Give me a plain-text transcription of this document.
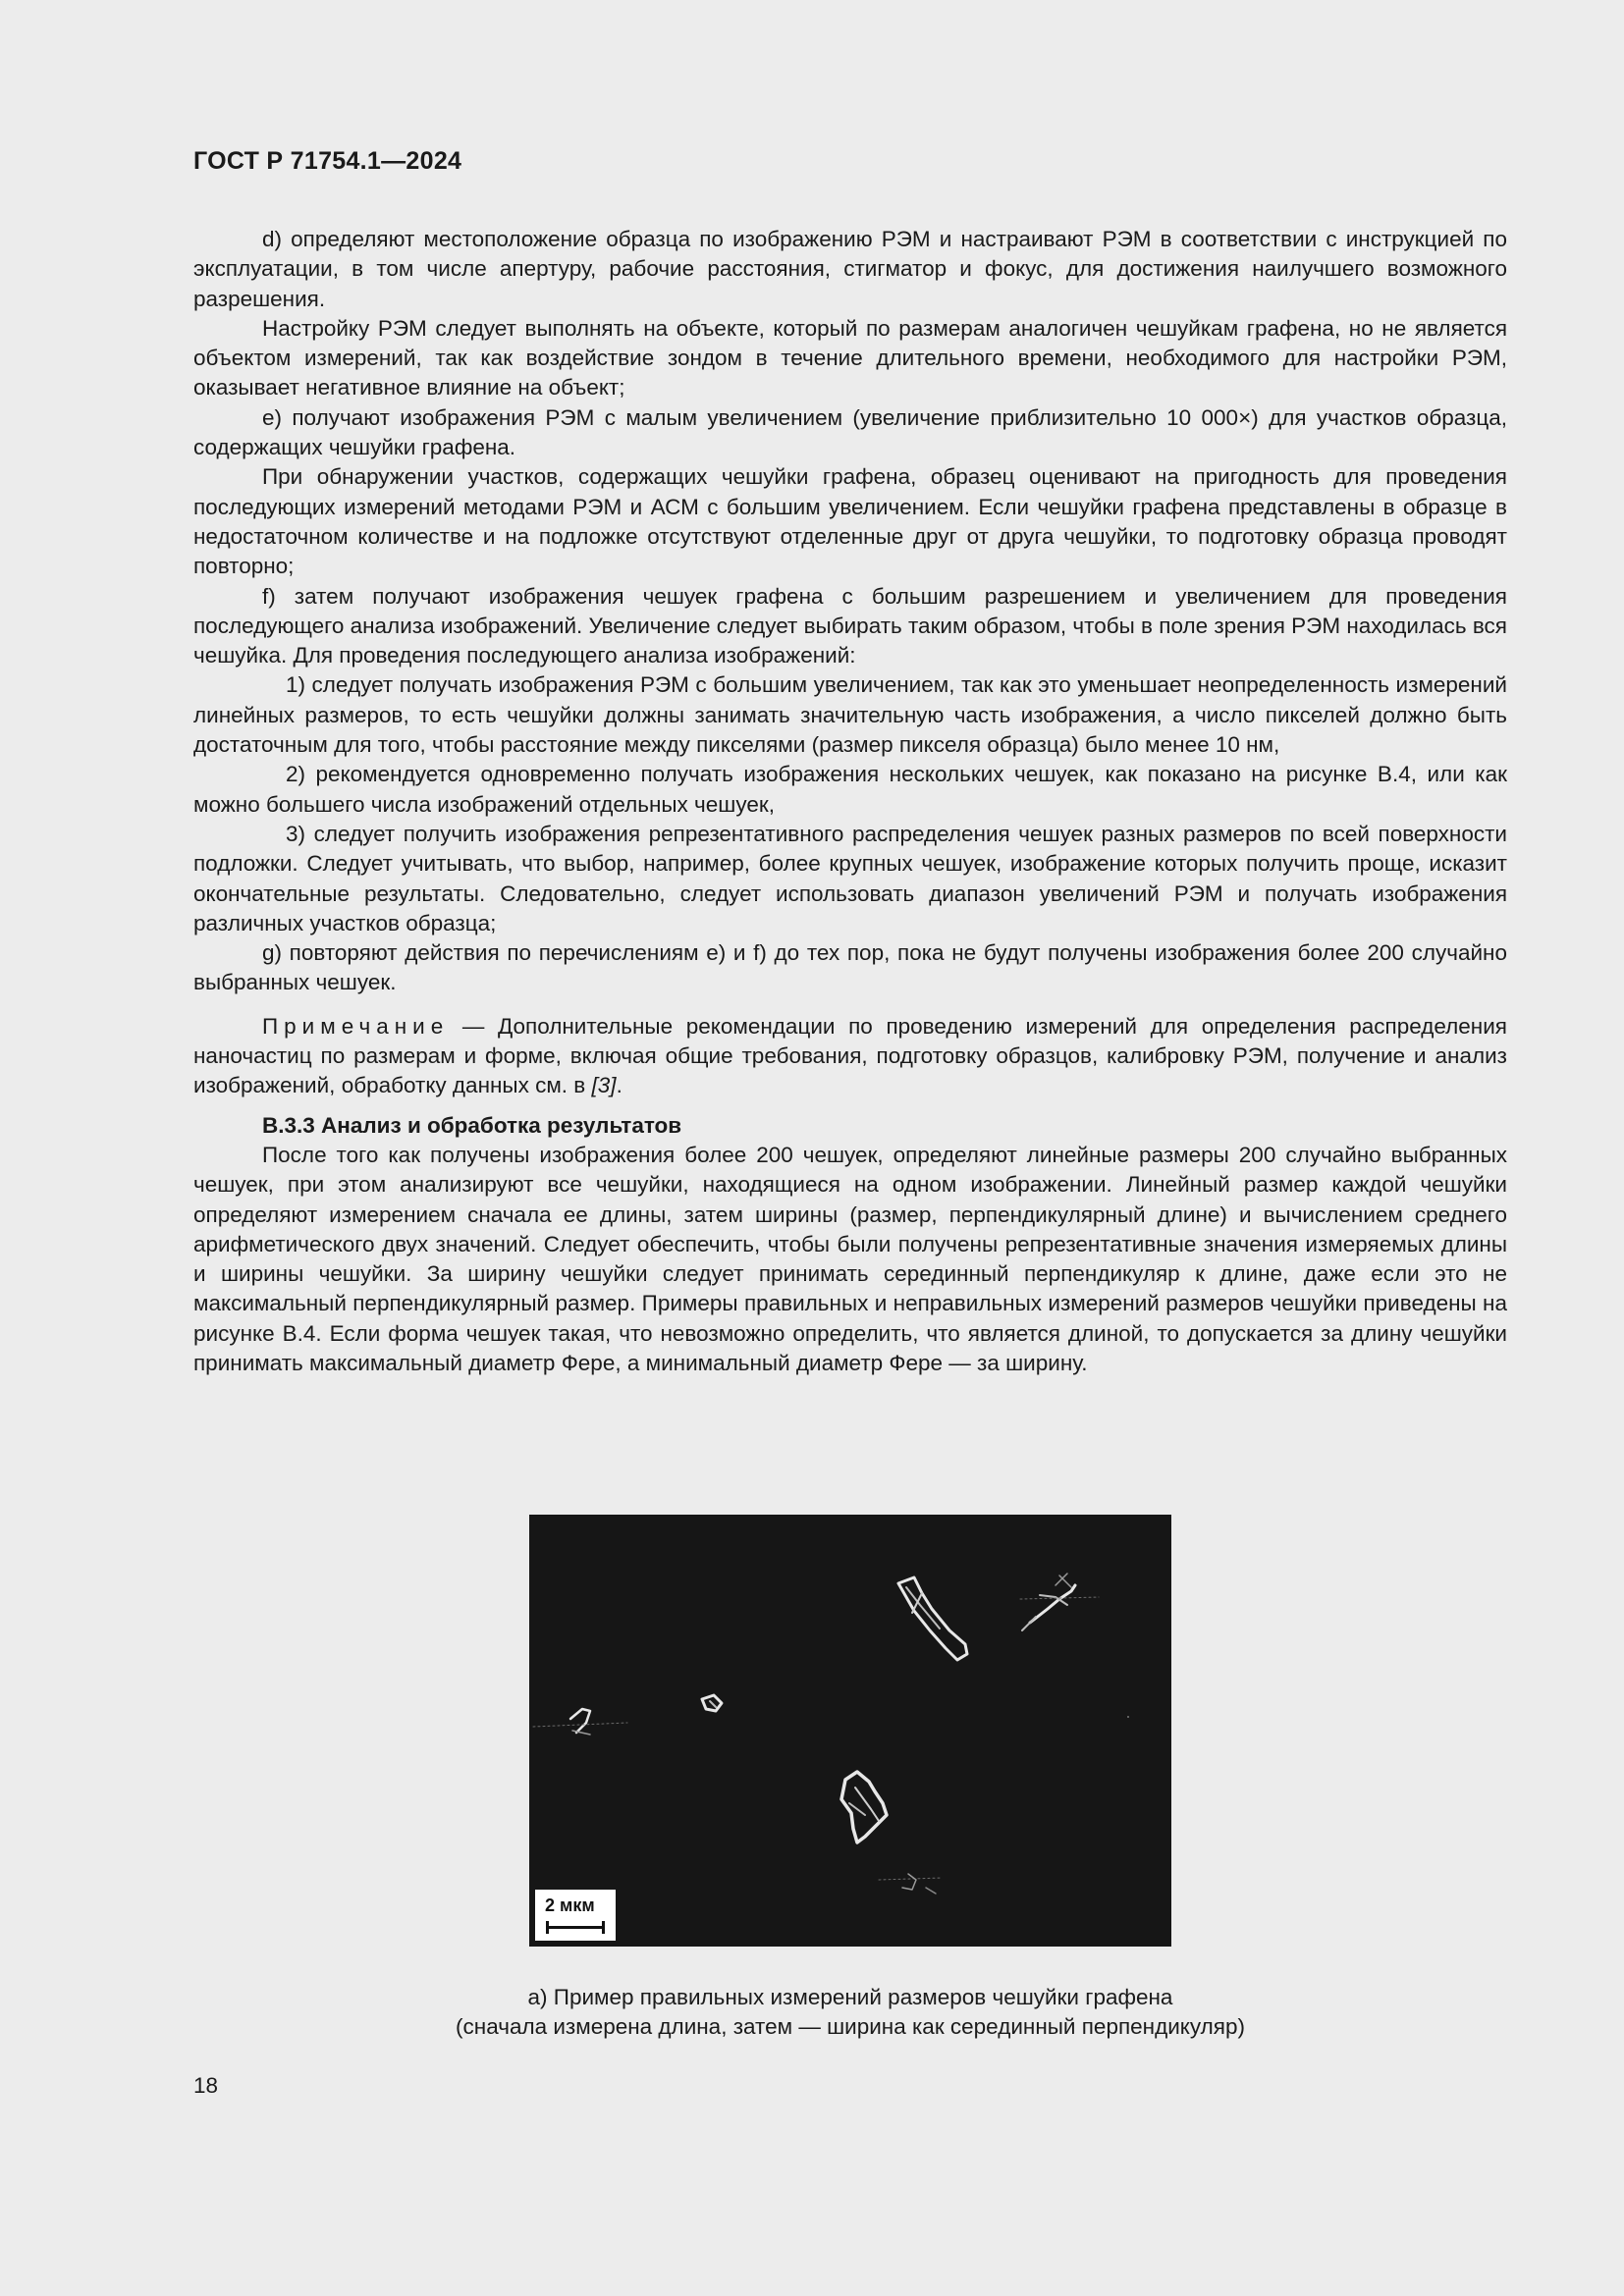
ГОСТ Р 71754.1—2024

d) определяют местоположение образца по изображению РЭМ и настраивают РЭМ в соответствии с инструкцией по эксплуатации, в том числе апертуру, рабочие расстояния, стигматор и фокус, для достижения наилучшего возможного разрешения.

Настройку РЭМ следует выполнять на объекте, который по размерам аналогичен чешуйкам графена, но не является объектом измерений, так как воздействие зондом в течение длительного времени, необходимого для настройки РЭМ, оказывает негативное влияние на объект;

е) получают изображения РЭМ с малым увеличением (увеличение приблизительно 10 000×) для участков образца, содержащих чешуйки графена.

При обнаружении участков, содержащих чешуйки графена, образец оценивают на пригодность для проведения последующих измерений методами РЭМ и АСМ с большим увеличением. Если чешуйки графена представлены в образце в недостаточном количестве и на подложке отсутствуют отделенные друг от друга чешуйки, то подготовку образца проводят повторно;

f) затем получают изображения чешуек графена с большим разрешением и увеличением для проведения последующего анализа изображений. Увеличение следует выбирать таким образом, чтобы в поле зрения РЭМ находилась вся чешуйка. Для проведения последующего анализа изображений:

1) следует получать изображения РЭМ с большим увеличением, так как это уменьшает неопределенность измерений линейных размеров, то есть чешуйки должны занимать значительную часть изображения, а число пикселей должно быть достаточным для того, чтобы расстояние между пикселями (размер пикселя образца) было менее 10 нм,

2) рекомендуется одновременно получать изображения нескольких чешуек, как показано на рисунке В.4, или как можно большего числа изображений отдельных чешуек,

3) следует получить изображения репрезентативного распределения чешуек разных размеров по всей поверхности подложки. Следует учитывать, что выбор, например, более крупных чешуек, изображение которых получить проще, исказит окончательные результаты. Следовательно, следует использовать диапазон увеличений РЭМ и получать изображения различных участков образца;

g) повторяют действия по перечислениям е) и f) до тех пор, пока не будут получены изображения более 200 случайно выбранных чешуек.

Примечание — Дополнительные рекомендации по проведению измерений для определения распределения наночастиц по размерам и форме, включая общие требования, подготовку образцов, калибровку РЭМ, получение и анализ изображений, обработку данных см. в [3].

В.3.3 Анализ и обработка результатов

После того как получены изображения более 200 чешуек, определяют линейные размеры 200 случайно выбранных чешуек, при этом анализируют все чешуйки, находящиеся на одном изображении. Линейный размер каждой чешуйки определяют измерением сначала ее длины, затем ширины (размер, перпендикулярный длине) и вычислением среднего арифметического двух значений. Следует обеспечить, чтобы были получены репрезентативные значения измеряемых длины и ширины чешуйки. За ширину чешуйки следует принимать серединный перпендикуляр к длине, даже если это не максимальный перпендикулярный размер. Примеры правильных и неправильных измерений размеров чешуйки приведены на рисунке В.4. Если форма чешуек такая, что невозможно определить, что является длиной, то допускается за длину чешуйки принимать максимальный диаметр Фере, а минимальный диаметр Фере — за ширину.

2 мкм
а) Пример правильных измерений размеров чешуйки графена
(сначала измерена длина, затем — ширина как серединный перпендикуляр)
18
